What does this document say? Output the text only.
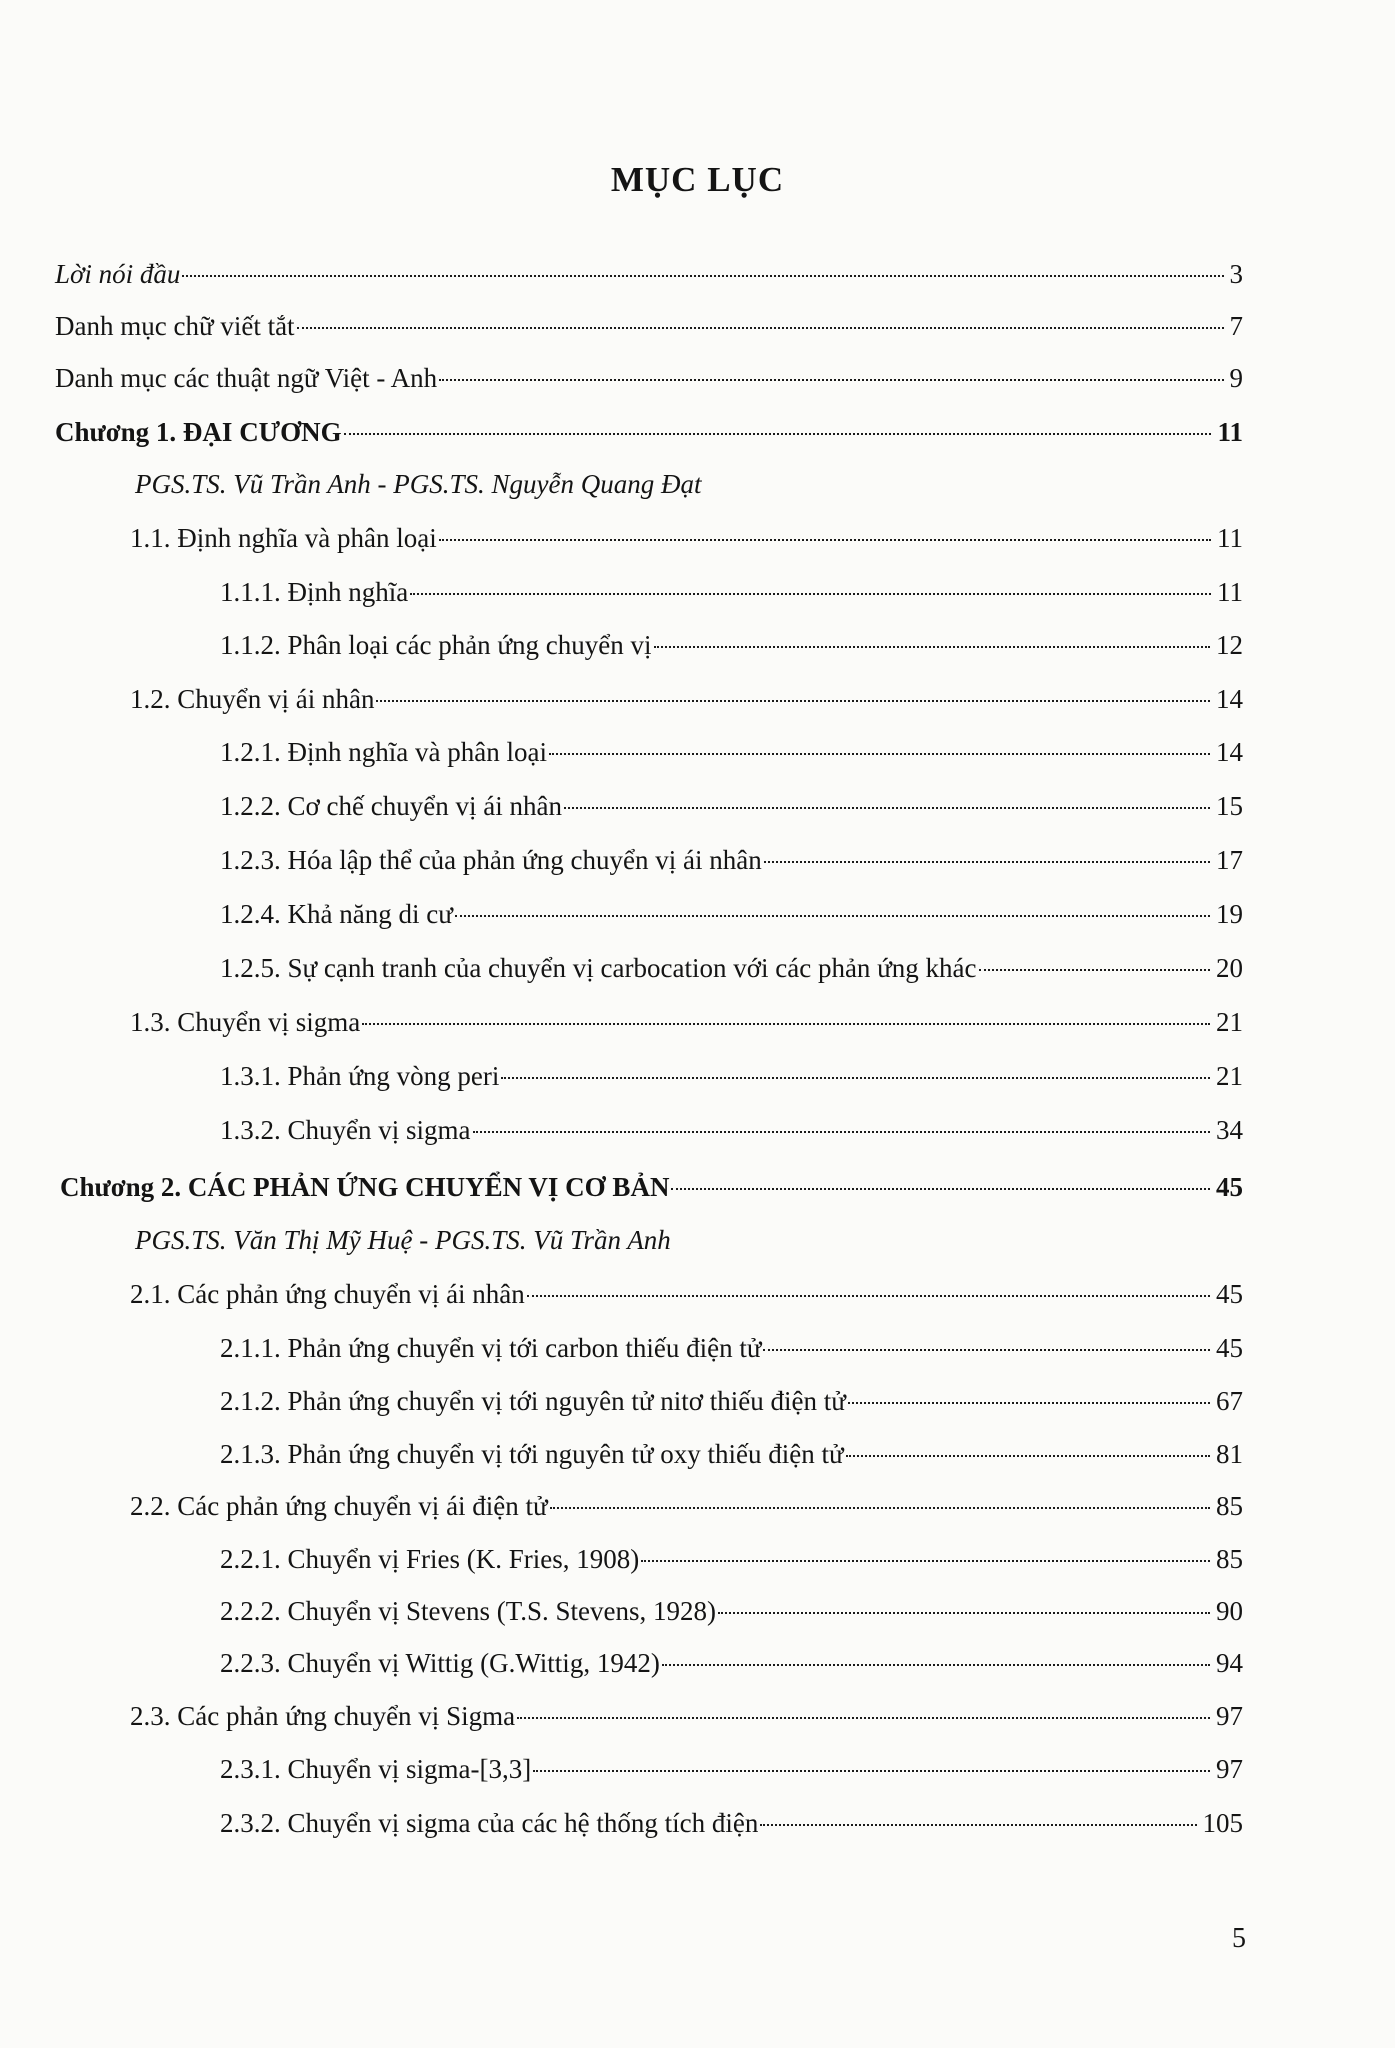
MỤC LỤC
Lời nói đầu	3
Danh mục chữ viết tắt	7
Danh mục các thuật ngữ Việt - Anh	9
Chương 1. ĐẠI CƯƠNG	11
PGS.TS. Vũ Trần Anh - PGS.TS. Nguyễn Quang Đạt
1.1. Định nghĩa và phân loại	11
1.1.1. Định nghĩa	11
1.1.2. Phân loại các phản ứng chuyển vị	12
1.2. Chuyển vị ái nhân	14
1.2.1. Định nghĩa và phân loại	14
1.2.2. Cơ chế chuyển vị ái nhân	15
1.2.3. Hóa lập thể của phản ứng chuyển vị ái nhân	17
1.2.4. Khả năng di cư	19
1.2.5. Sự cạnh tranh của chuyển vị carbocation với các phản ứng khác	20
1.3. Chuyển vị sigma	21
1.3.1. Phản ứng vòng peri	21
1.3.2. Chuyển vị sigma	34
Chương 2. CÁC PHẢN ỨNG CHUYỂN VỊ CƠ BẢN	45
PGS.TS. Văn Thị Mỹ Huệ - PGS.TS. Vũ Trần Anh
2.1. Các phản ứng chuyển vị ái nhân	45
2.1.1. Phản ứng chuyển vị tới carbon thiếu điện tử	45
2.1.2. Phản ứng chuyển vị tới nguyên tử nitơ thiếu điện tử	67
2.1.3. Phản ứng chuyển vị tới nguyên tử oxy thiếu điện tử	81
2.2. Các phản ứng chuyển vị ái điện tử	85
2.2.1. Chuyển vị Fries (K. Fries, 1908)	85
2.2.2. Chuyển vị Stevens (T.S. Stevens, 1928)	90
2.2.3. Chuyển vị Wittig (G.Wittig, 1942)	94
2.3. Các phản ứng chuyển vị Sigma	97
2.3.1. Chuyển vị sigma-[3,3]	97
2.3.2. Chuyển vị sigma của các hệ thống tích điện	105
5
